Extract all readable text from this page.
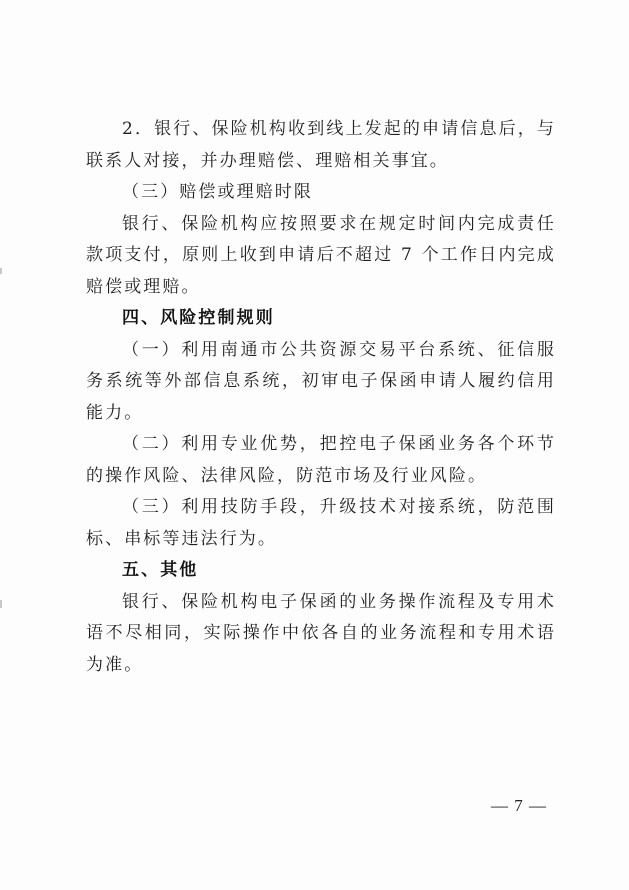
2．银行、保险机构收到线上发起的申请信息后，与联系人对接，并办理赔偿、理赔相关事宜。

（三）赔偿或理赔时限

银行、保险机构应按照要求在规定时间内完成责任款项支付，原则上收到申请后不超过 7 个工作日内完成赔偿或理赔。

四、风险控制规则

（一）利用南通市公共资源交易平台系统、征信服务系统等外部信息系统，初审电子保函申请人履约信用能力。

（二）利用专业优势，把控电子保函业务各个环节的操作风险、法律风险，防范市场及行业风险。

（三）利用技防手段，升级技术对接系统，防范围标、串标等违法行为。

五、其他

银行、保险机构电子保函的业务操作流程及专用术语不尽相同，实际操作中依各自的业务流程和专用术语为准。

— 7 —
